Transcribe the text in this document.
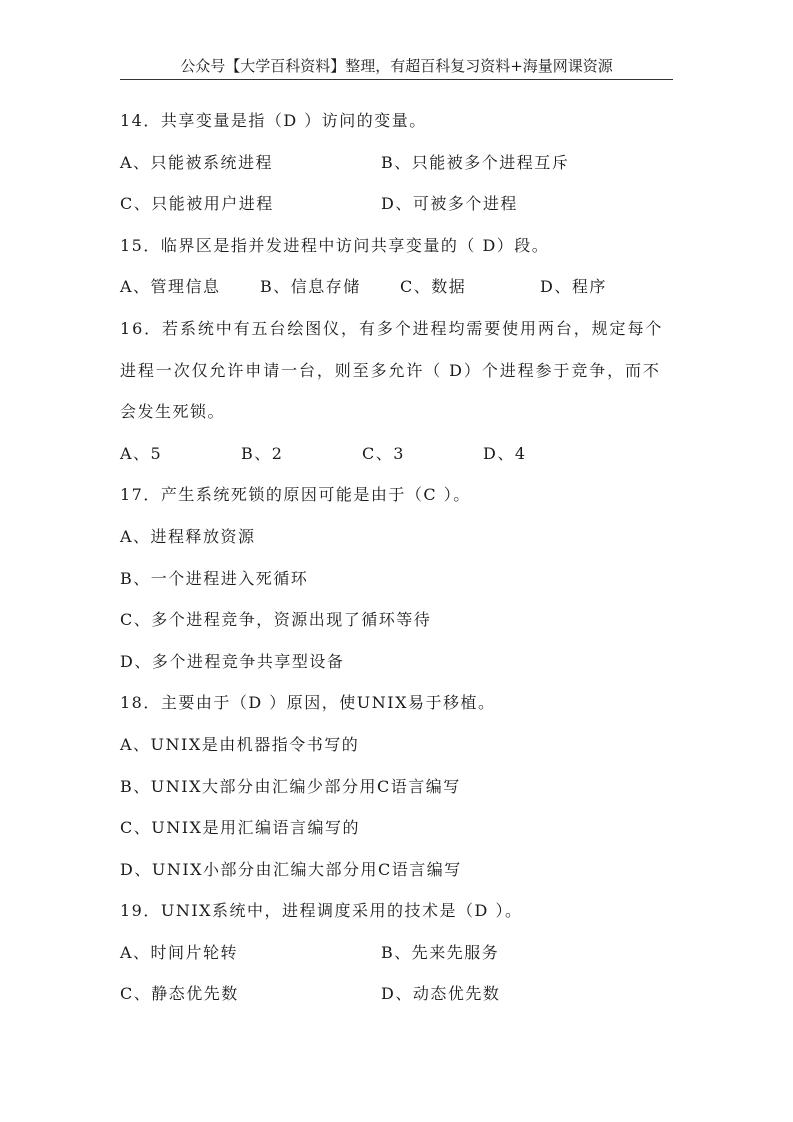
公众号【大学百科资料】整理，有超百科复习资料+海量网课资源
14．共享变量是指（D ）访问的变量。
A、只能被系统进程	B、只能被多个进程互斥
C、只能被用户进程	D、可被多个进程
15．临界区是指并发进程中访问共享变量的（ D）段。
A、管理信息	B、信息存储	C、数据	D、程序
16．若系统中有五台绘图仪，有多个进程均需要使用两台，规定每个
进程一次仅允许申请一台，则至多允许（ D）个进程参于竞争，而不
会发生死锁。
A、5	B、2	C、3	D、4
17．产生系统死锁的原因可能是由于（C ）。
A、进程释放资源
B、一个进程进入死循环
C、多个进程竞争，资源出现了循环等待
D、多个进程竞争共享型设备
18．主要由于（D ）原因，使UNIX易于移植。
A、UNIX是由机器指令书写的
B、UNIX大部分由汇编少部分用C语言编写
C、UNIX是用汇编语言编写的
D、UNIX小部分由汇编大部分用C语言编写
19．UNIX系统中，进程调度采用的技术是（D ）。
A、时间片轮转	B、先来先服务
C、静态优先数	D、动态优先数
